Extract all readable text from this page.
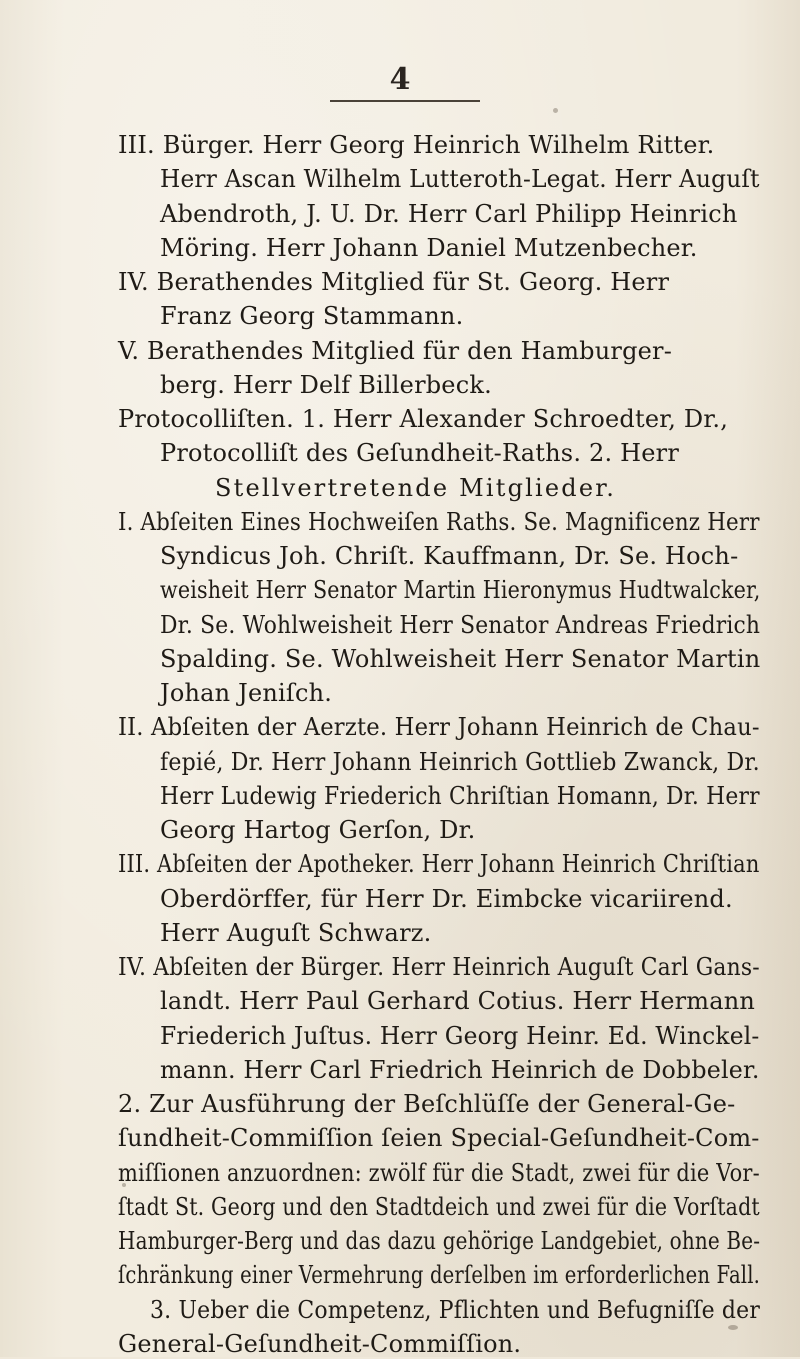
4
III. Bürger. Herr Georg Heinrich Wilhelm Ritter.
Herr Ascan Wilhelm Lutteroth-Legat. Herr Auguſt
Abendroth, J. U. Dr. Herr Carl Philipp Heinrich
Möring. Herr Johann Daniel Mutzenbecher.
IV. Berathendes Mitglied für St. Georg. Herr
Franz Georg Stammann.
V. Berathendes Mitglied für den Hamburger-
berg. Herr Delf Billerbeck.
Protocolliſten. 1. Herr Alexander Schroedter, Dr.,
Protocolliſt des Geſundheit-Raths. 2. Herr
Stellvertretende Mitglieder.
I. Abſeiten Eines Hochweiſen Raths. Se. Magnificenz Herr
Syndicus Joh. Chriſt. Kauffmann, Dr. Se. Hoch-
weisheit Herr Senator Martin Hieronymus Hudtwalcker,
Dr. Se. Wohlweisheit Herr Senator Andreas Friedrich
Spalding. Se. Wohlweisheit Herr Senator Martin
Johan Jeniſch.
II. Abſeiten der Aerzte. Herr Johann Heinrich de Chau-
fepié, Dr. Herr Johann Heinrich Gottlieb Zwanck, Dr.
Herr Ludewig Friederich Chriſtian Homann, Dr. Herr
Georg Hartog Gerſon, Dr.
III. Abſeiten der Apotheker. Herr Johann Heinrich Chriſtian
Oberdörffer, für Herr Dr. Eimbcke vicariirend.
Herr Auguſt Schwarz.
IV. Abſeiten der Bürger. Herr Heinrich Auguſt Carl Gans-
landt. Herr Paul Gerhard Cotius. Herr Hermann
Friederich Juſtus. Herr Georg Heinr. Ed. Winckel-
mann. Herr Carl Friedrich Heinrich de Dobbeler.
2. Zur Ausführung der Beſchlüſſe der General-Ge-
ſundheit-Commiſſion ſeien Special-Geſundheit-Com-
miſſionen anzuordnen: zwölf für die Stadt, zwei für die Vor-
ſtadt St. Georg und den Stadtdeich und zwei für die Vorſtadt
Hamburger-Berg und das dazu gehörige Landgebiet, ohne Be-
ſchränkung einer Vermehrung derſelben im erforderlichen Fall.
3. Ueber die Competenz, Pflichten und Befugniſſe der
General-Geſundheit-Commiſſion.
